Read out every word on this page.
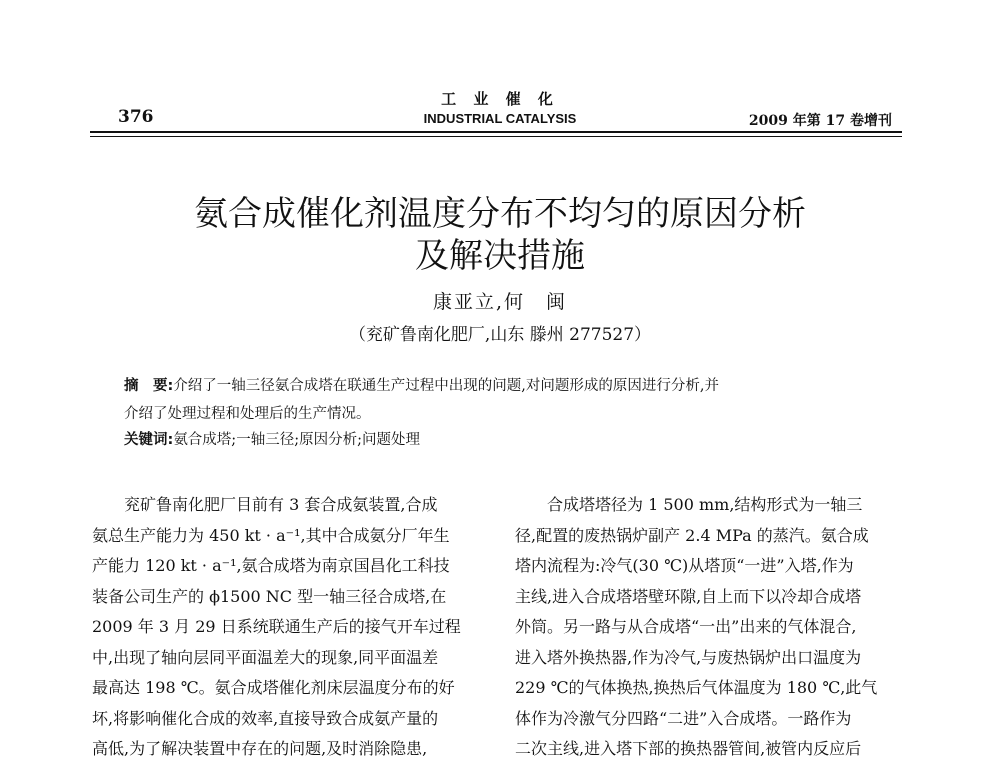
376
工 业 催 化
INDUSTRIAL CATALYSIS	2009 年第 17 卷增刊
氨合成催化剂温度分布不均匀的原因分析
及解决措施
康亚立,何　闽
（兖矿鲁南化肥厂,山东 滕州 277527）
摘　要:介绍了一轴三径氨合成塔在联通生产过程中出现的问题,对问题形成的原因进行分析,并
介绍了处理过程和处理后的生产情况。
关键词:氨合成塔;一轴三径;原因分析;问题处理
　　兖矿鲁南化肥厂目前有 3 套合成氨装置,合成
氨总生产能力为 450 kt · a⁻¹,其中合成氨分厂年生
产能力 120 kt · a⁻¹,氨合成塔为南京国昌化工科技
装备公司生产的 ϕ1500 NC 型一轴三径合成塔,在
2009 年 3 月 29 日系统联通生产后的接气开车过程
中,出现了轴向层同平面温差大的现象,同平面温差
最高达 198 ℃。氨合成塔催化剂床层温度分布的好
坏,将影响催化合成的效率,直接导致合成氨产量的
高低,为了解决装置中存在的问题,及时消除隐患,
　　合成塔塔径为 1 500 mm,结构形式为一轴三
径,配置的废热锅炉副产 2.4 MPa 的蒸汽。氨合成
塔内流程为:冷气(30 ℃)从塔顶“一进”入塔,作为
主线,进入合成塔塔壁环隙,自上而下以冷却合成塔
外筒。另一路与从合成塔“一出”出来的气体混合,
进入塔外换热器,作为冷气,与废热锅炉出口温度为
229 ℃的气体换热,换热后气体温度为 180 ℃,此气
体作为冷激气分四路“二进”入合成塔。一路作为
二次主线,进入塔下部的换热器管间,被管内反应后
